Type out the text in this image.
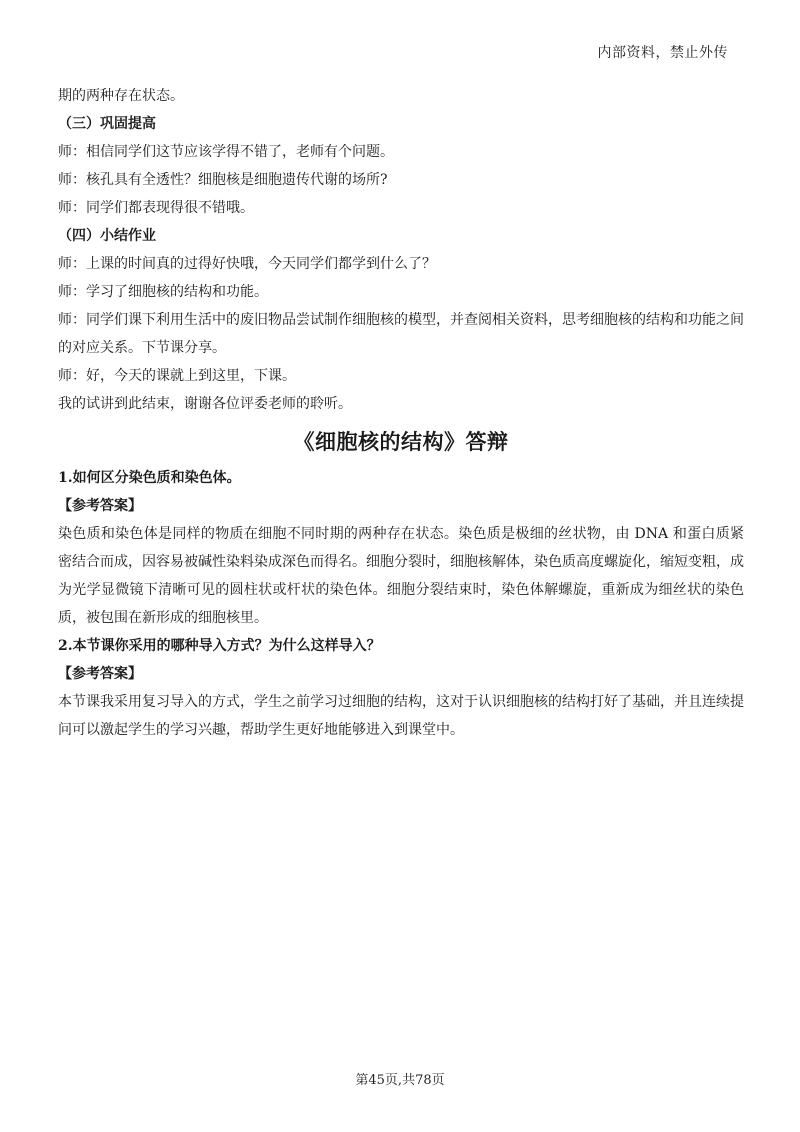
内部资料，禁止外传

期的两种存在状态。

（三）巩固提高

师：相信同学们这节应该学得不错了，老师有个问题。

师：核孔具有全透性？细胞核是细胞遗传代谢的场所?

师：同学们都表现得很不错哦。

（四）小结作业

师：上课的时间真的过得好快哦，今天同学们都学到什么了？

师：学习了细胞核的结构和功能。

师：同学们课下利用生活中的废旧物品尝试制作细胞核的模型，并查阅相关资料，思考细胞核的结构和功能之间的对应关系。下节课分享。

师：好，今天的课就上到这里，下课。

我的试讲到此结束，谢谢各位评委老师的聆听。

《细胞核的结构》答辩

1.如何区分染色质和染色体。

【参考答案】

染色质和染色体是同样的物质在细胞不同时期的两种存在状态。染色质是极细的丝状物，由 DNA 和蛋白质紧密结合而成，因容易被碱性染料染成深色而得名。细胞分裂时，细胞核解体，染色质高度螺旋化，缩短变粗，成为光学显微镜下清晰可见的圆柱状或杆状的染色体。细胞分裂结束时，染色体解螺旋，重新成为细丝状的染色质，被包围在新形成的细胞核里。

2.本节课你采用的哪种导入方式？为什么这样导入？

【参考答案】

本节课我采用复习导入的方式，学生之前学习过细胞的结构，这对于认识细胞核的结构打好了基础，并且连续提问可以激起学生的学习兴趣，帮助学生更好地能够进入到课堂中。

第45页,共78页
